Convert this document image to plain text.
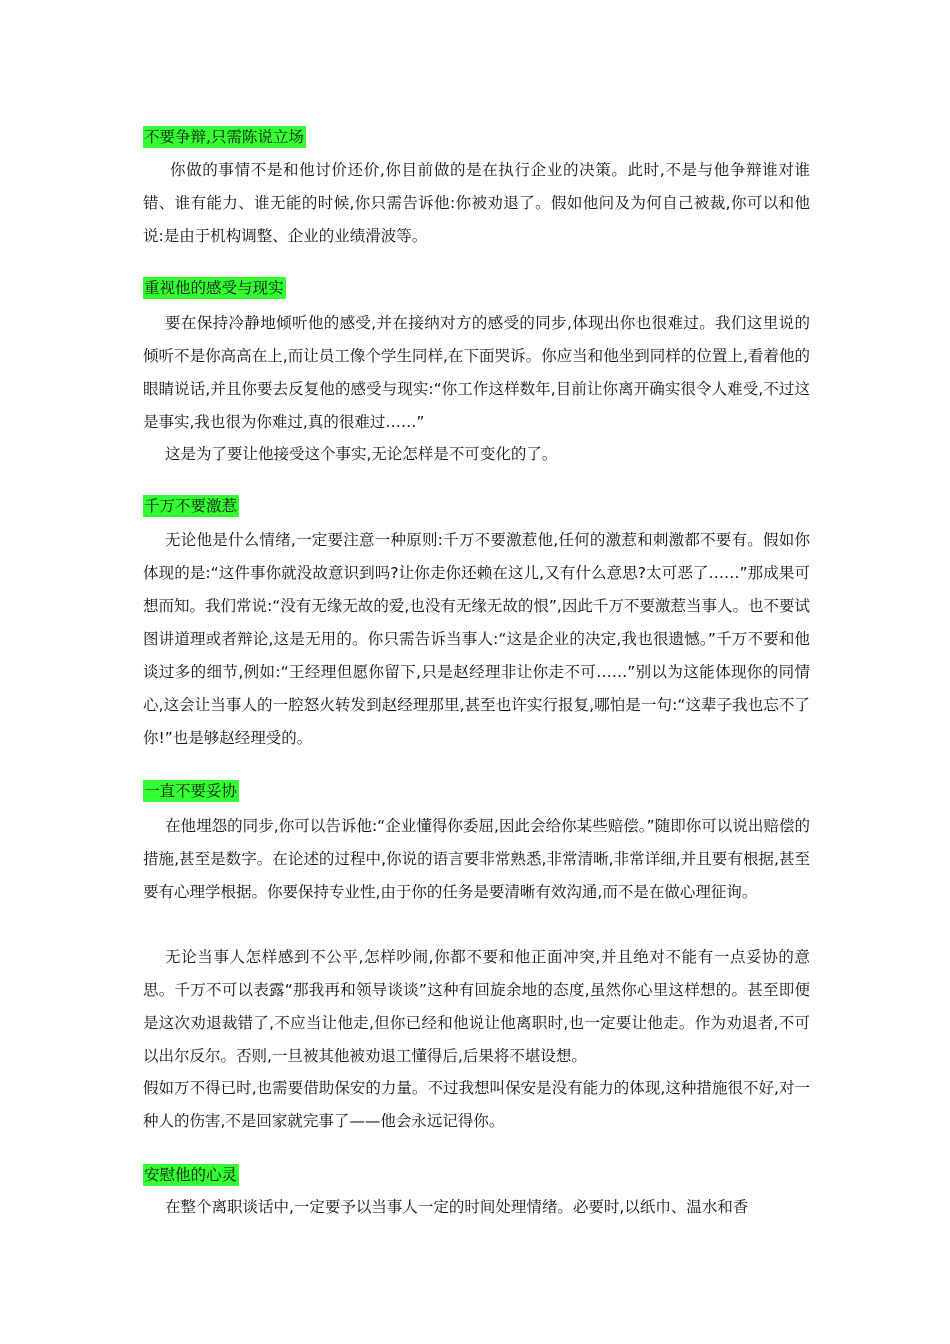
不要争辩,只需陈说立场

你做的事情不是和他讨价还价,你目前做的是在执行企业的决策。此时,不是与他争辩谁对谁错、谁有能力、谁无能的时候,你只需告诉他:你被劝退了。假如他问及为何自己被裁,你可以和他说:是由于机构调整、企业的业绩滑波等。

重视他的感受与现实

要在保持冷静地倾听他的感受,并在接纳对方的感受的同步,体现出你也很难过。我们这里说的倾听不是你高高在上,而让员工像个学生同样,在下面哭诉。你应当和他坐到同样的位置上,看着他的眼睛说话,并且你要去反复他的感受与现实:“你工作这样数年,目前让你离开确实很令人难受,不过这是事实,我也很为你难过,真的很难过……”

这是为了要让他接受这个事实,无论怎样是不可变化的了。

千万不要激惹

无论他是什么情绪,一定要注意一种原则:千万不要激惹他,任何的激惹和刺激都不要有。假如你体现的是:“这件事你就没故意识到吗?让你走你还赖在这儿,又有什么意思?太可恶了……”那成果可想而知。我们常说:“没有无缘无故的爱,也没有无缘无故的恨”,因此千万不要激惹当事人。也不要试图讲道理或者辩论,这是无用的。你只需告诉当事人:“这是企业的决定,我也很遗憾。”千万不要和他谈过多的细节,例如:“王经理但愿你留下,只是赵经理非让你走不可……”别以为这能体现你的同情心,这会让当事人的一腔怒火转发到赵经理那里,甚至也许实行报复,哪怕是一句:“这辈子我也忘不了你!”也是够赵经理受的。

一直不要妥协

在他埋怨的同步,你可以告诉他:“企业懂得你委屈,因此会给你某些赔偿。”随即你可以说出赔偿的措施,甚至是数字。在论述的过程中,你说的语言要非常熟悉,非常清晰,非常详细,并且要有根据,甚至要有心理学根据。你要保持专业性,由于你的任务是要清晰有效沟通,而不是在做心理征询。

无论当事人怎样感到不公平,怎样吵闹,你都不要和他正面冲突,并且绝对不能有一点妥协的意思。千万不可以表露“那我再和领导谈谈”这种有回旋余地的态度,虽然你心里这样想的。甚至即便是这次劝退裁错了,不应当让他走,但你已经和他说让他离职时,也一定要让他走。作为劝退者,不可以出尔反尔。否则,一旦被其他被劝退工懂得后,后果将不堪设想。

假如万不得已时,也需要借助保安的力量。不过我想叫保安是没有能力的体现,这种措施很不好,对一种人的伤害,不是回家就完事了——他会永远记得你。

安慰他的心灵

在整个离职谈话中,一定要予以当事人一定的时间处理情绪。必要时,以纸巾、温水和香
